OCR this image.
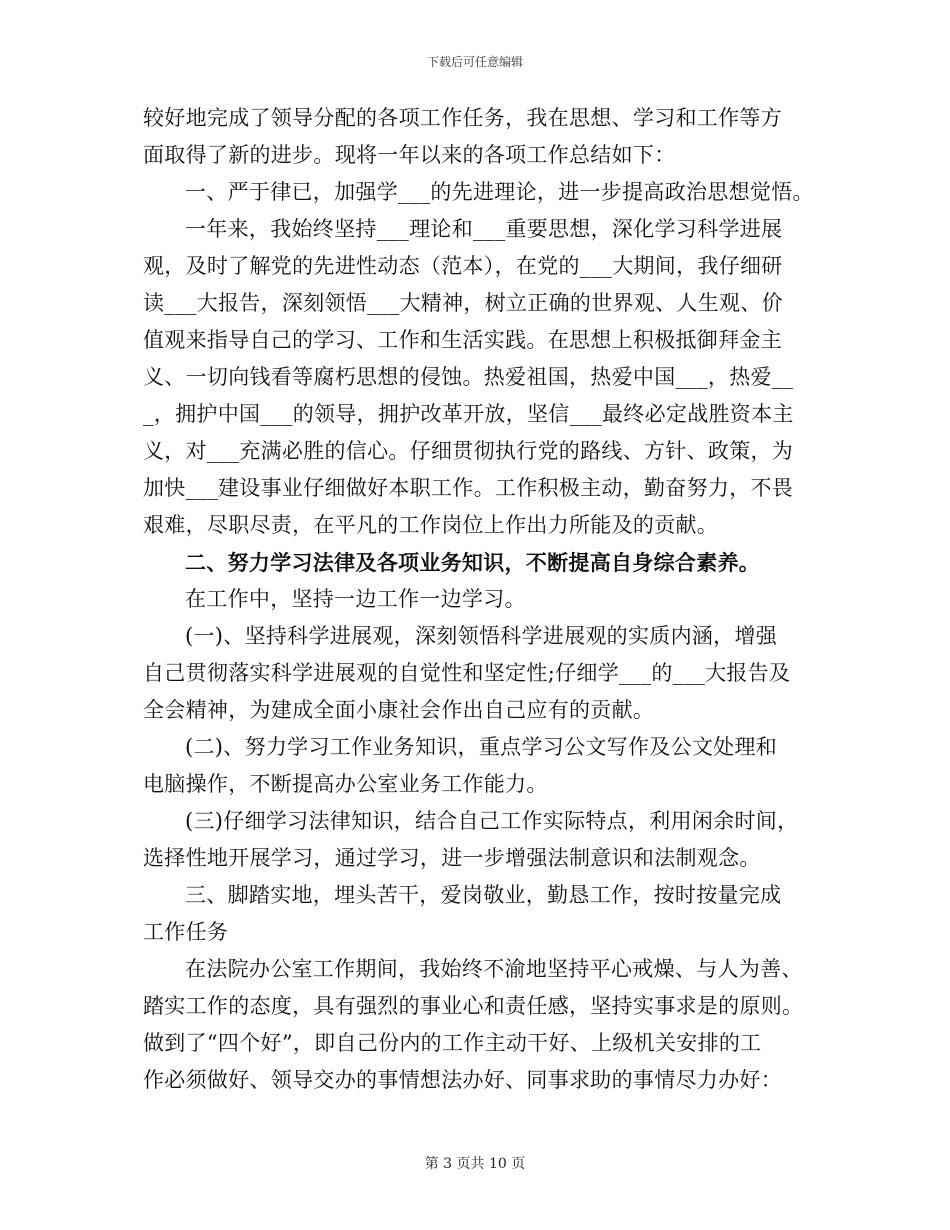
下载后可任意编辑
较好地完成了领导分配的各项工作任务，我在思想、学习和工作等方
面取得了新的进步。现将一年以来的各项工作总结如下：
一、严于律已，加强学___的先进理论，进一步提高政治思想觉悟。
一年来，我始终坚持___理论和___重要思想，深化学习科学进展
观，及时了解党的先进性动态（范本），在党的___大期间，我仔细研
读___大报告，深刻领悟___大精神，树立正确的世界观、人生观、价
值观来指导自己的学习、工作和生活实践。在思想上积极抵御拜金主
义、一切向钱看等腐朽思想的侵蚀。热爱祖国，热爱中国___，热爱__
_，拥护中国___的领导，拥护改革开放，坚信___最终必定战胜资本主
义，对___充满必胜的信心。仔细贯彻执行党的路线、方针、政策，为
加快___建设事业仔细做好本职工作。工作积极主动，勤奋努力，不畏
艰难，尽职尽责，在平凡的工作岗位上作出力所能及的贡献。
二、努力学习法律及各项业务知识，不断提高自身综合素养。
在工作中，坚持一边工作一边学习。
(一)、坚持科学进展观，深刻领悟科学进展观的实质内涵，增强
自己贯彻落实科学进展观的自觉性和坚定性;仔细学___的___大报告及
全会精神，为建成全面小康社会作出自己应有的贡献。
(二)、努力学习工作业务知识，重点学习公文写作及公文处理和
电脑操作，不断提高办公室业务工作能力。
(三)仔细学习法律知识，结合自己工作实际特点，利用闲余时间，
选择性地开展学习，通过学习，进一步增强法制意识和法制观念。
三、脚踏实地，埋头苦干，爱岗敬业，勤恳工作，按时按量完成
工作任务
在法院办公室工作期间，我始终不渝地坚持平心戒燥、与人为善、
踏实工作的态度，具有强烈的事业心和责任感，坚持实事求是的原则。
做到了“四个好”，即自己份内的工作主动干好、上级机关安排的工
作必须做好、领导交办的事情想法办好、同事求助的事情尽力办好：
第 3 页共 10 页
